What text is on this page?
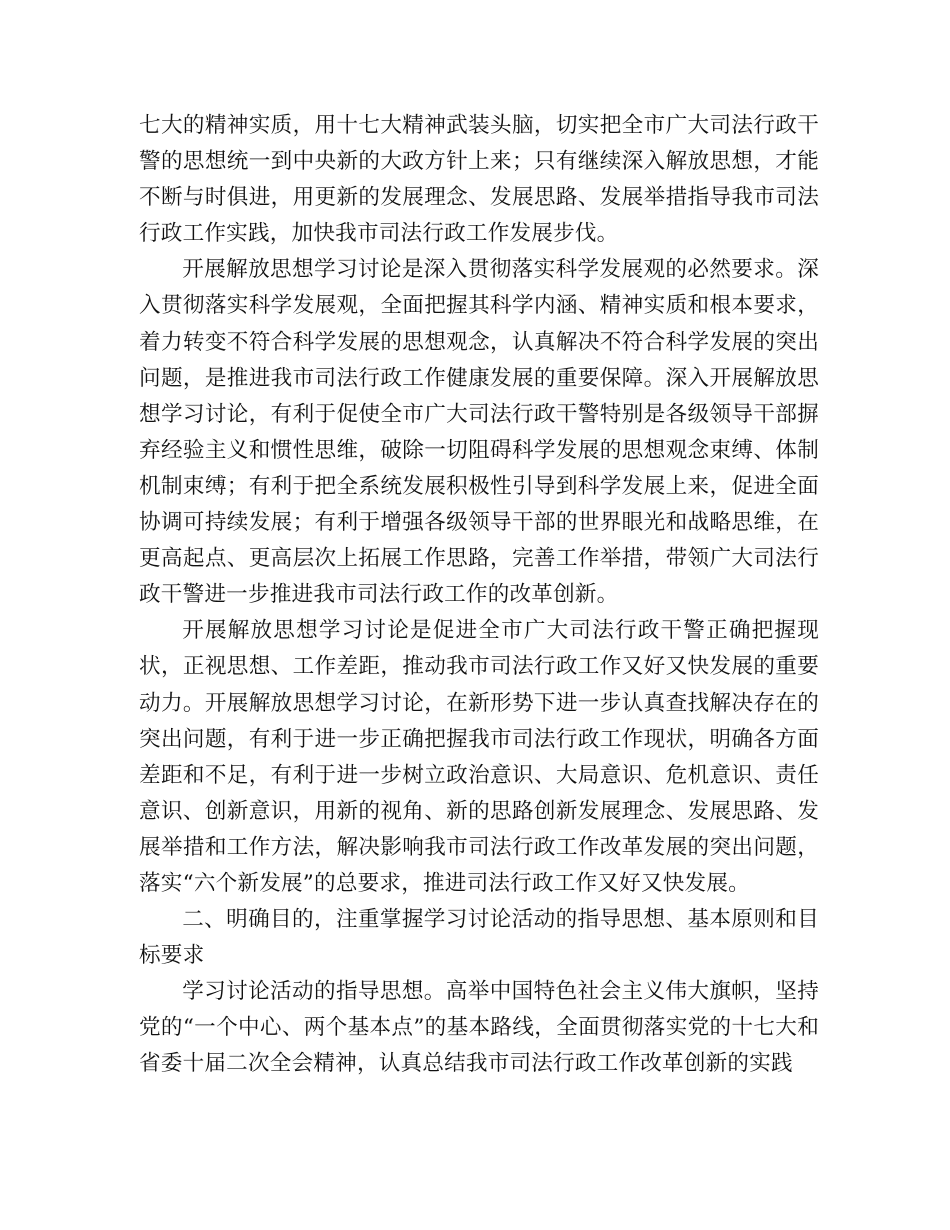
七大的精神实质，用十七大精神武装头脑，切实把全市广大司法行政干警的思想统一到中央新的大政方针上来；只有继续深入解放思想，才能不断与时俱进，用更新的发展理念、发展思路、发展举措指导我市司法行政工作实践，加快我市司法行政工作发展步伐。

开展解放思想学习讨论是深入贯彻落实科学发展观的必然要求。深入贯彻落实科学发展观，全面把握其科学内涵、精神实质和根本要求，着力转变不符合科学发展的思想观念，认真解决不符合科学发展的突出问题，是推进我市司法行政工作健康发展的重要保障。深入开展解放思想学习讨论，有利于促使全市广大司法行政干警特别是各级领导干部摒弃经验主义和惯性思维，破除一切阻碍科学发展的思想观念束缚、体制机制束缚；有利于把全系统发展积极性引导到科学发展上来，促进全面协调可持续发展；有利于增强各级领导干部的世界眼光和战略思维，在更高起点、更高层次上拓展工作思路，完善工作举措，带领广大司法行政干警进一步推进我市司法行政工作的改革创新。

开展解放思想学习讨论是促进全市广大司法行政干警正确把握现状，正视思想、工作差距，推动我市司法行政工作又好又快发展的重要动力。开展解放思想学习讨论，在新形势下进一步认真查找解决存在的突出问题，有利于进一步正确把握我市司法行政工作现状，明确各方面差距和不足，有利于进一步树立政治意识、大局意识、危机意识、责任意识、创新意识，用新的视角、新的思路创新发展理念、发展思路、发展举措和工作方法，解决影响我市司法行政工作改革发展的突出问题，落实“六个新发展”的总要求，推进司法行政工作又好又快发展。

二、明确目的，注重掌握学习讨论活动的指导思想、基本原则和目标要求

学习讨论活动的指导思想。高举中国特色社会主义伟大旗帜，坚持党的“一个中心、两个基本点”的基本路线，全面贯彻落实党的十七大和省委十届二次全会精神，认真总结我市司法行政工作改革创新的实践
